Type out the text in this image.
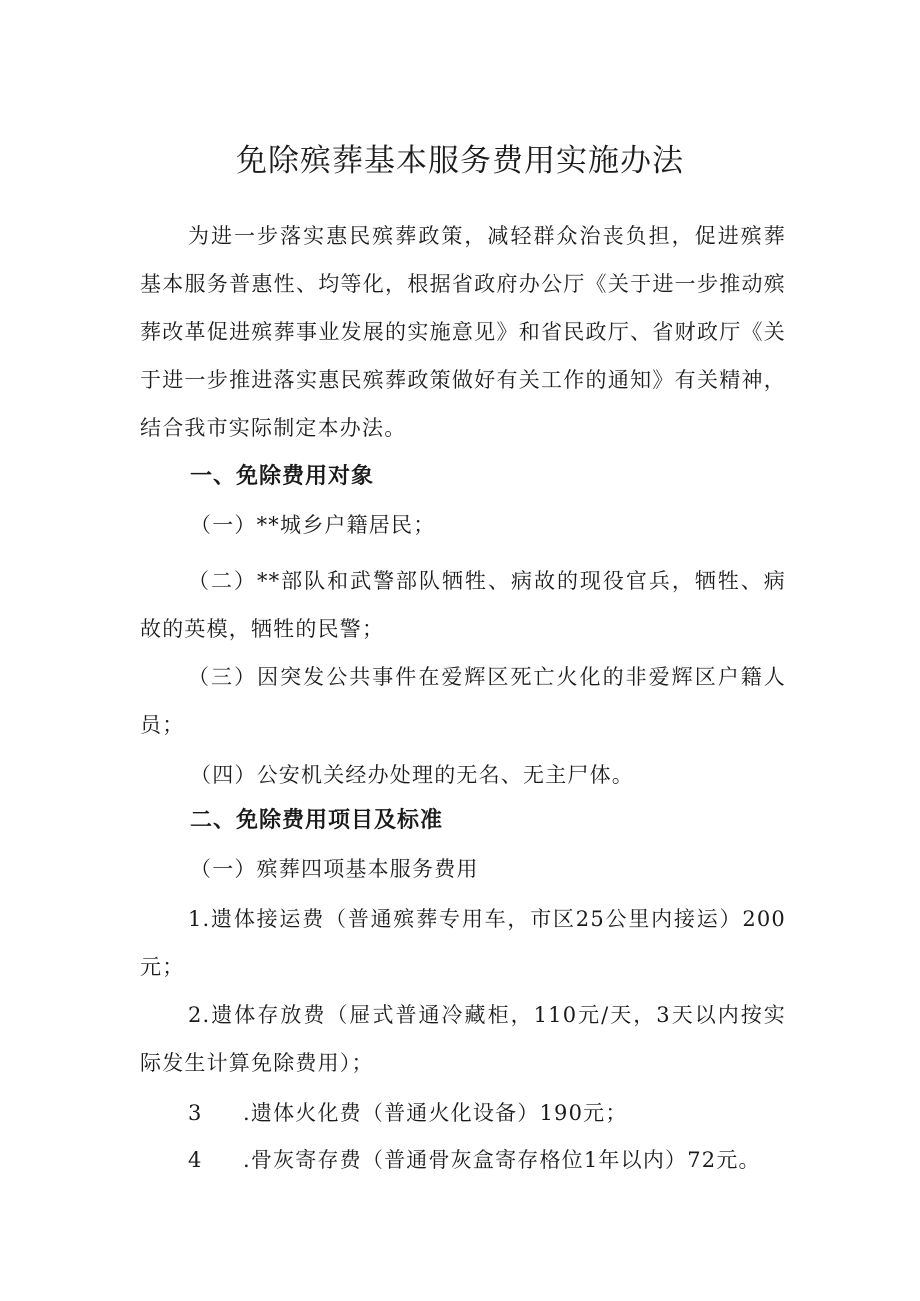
免除殡葬基本服务费用实施办法

为进一步落实惠民殡葬政策，减轻群众治丧负担，促进殡葬基本服务普惠性、均等化，根据省政府办公厅《关于进一步推动殡葬改革促进殡葬事业发展的实施意见》和省民政厅、省财政厅《关于进一步推进落实惠民殡葬政策做好有关工作的通知》有关精神，结合我市实际制定本办法。

一、免除费用对象

（一）**城乡户籍居民；

（二）**部队和武警部队牺牲、病故的现役官兵，牺牲、病故的英模，牺牲的民警；

（三）因突发公共事件在爱辉区死亡火化的非爱辉区户籍人员；

（四）公安机关经办处理的无名、无主尸体。

二、免除费用项目及标准

（一）殡葬四项基本服务费用

1.遗体接运费（普通殡葬专用车，市区25公里内接运）200元；

2.遗体存放费（屉式普通冷藏柜，110元/天，3天以内按实际发生计算免除费用）；

3 .遗体火化费（普通火化设备）190元；

4 .骨灰寄存费（普通骨灰盒寄存格位1年以内）72元。
